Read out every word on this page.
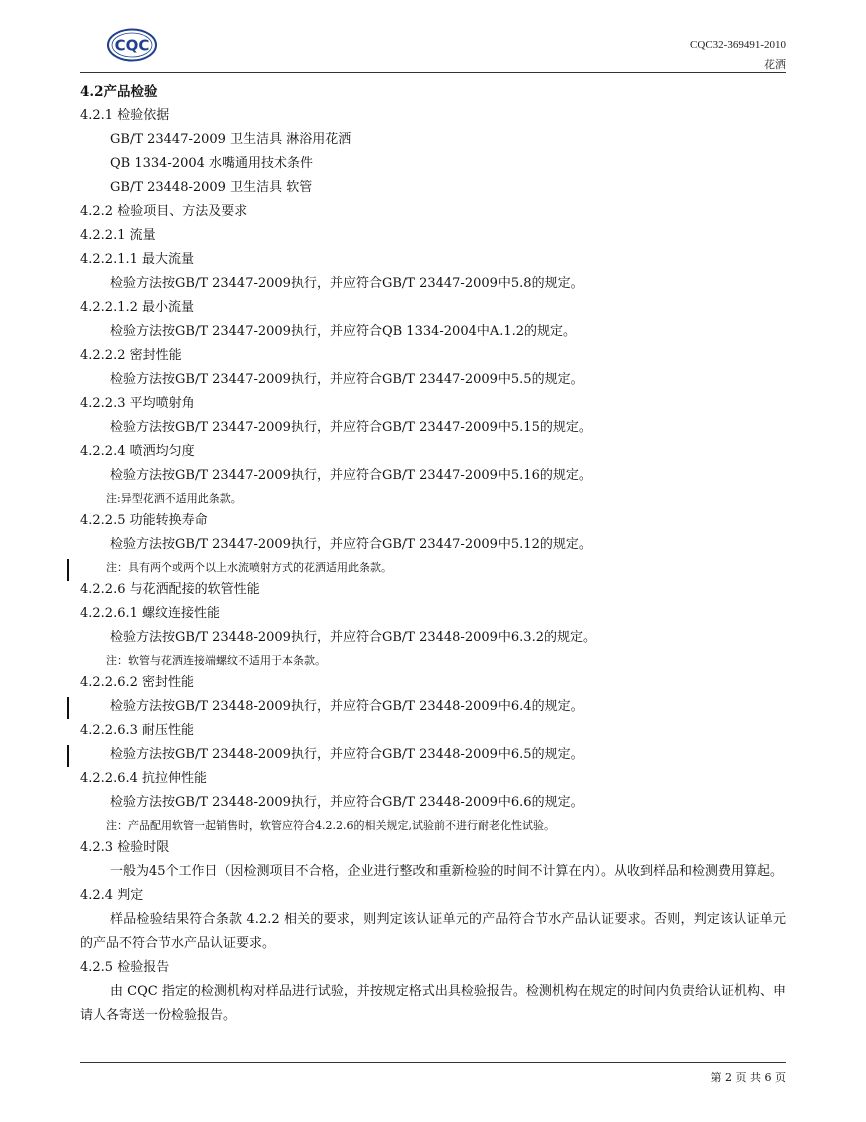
CQC	CQC32-369491-2010
花洒
4.2产品检验
4.2.1 检验依据
GB/T 23447-2009 卫生洁具 淋浴用花洒
QB 1334-2004 水嘴通用技术条件
GB/T 23448-2009 卫生洁具 软管
4.2.2 检验项目、方法及要求
4.2.2.1 流量
4.2.2.1.1 最大流量
检验方法按GB/T 23447-2009执行，并应符合GB/T 23447-2009中5.8的规定。
4.2.2.1.2 最小流量
检验方法按GB/T 23447-2009执行，并应符合QB 1334-2004中A.1.2的规定。
4.2.2.2 密封性能
检验方法按GB/T 23447-2009执行，并应符合GB/T 23447-2009中5.5的规定。
4.2.2.3 平均喷射角
检验方法按GB/T 23447-2009执行，并应符合GB/T 23447-2009中5.15的规定。
4.2.2.4 喷洒均匀度
检验方法按GB/T 23447-2009执行，并应符合GB/T 23447-2009中5.16的规定。
注:异型花洒不适用此条款。
4.2.2.5 功能转换寿命
检验方法按GB/T 23447-2009执行，并应符合GB/T 23447-2009中5.12的规定。
注：具有两个或两个以上水流喷射方式的花洒适用此条款。
4.2.2.6 与花洒配接的软管性能
4.2.2.6.1 螺纹连接性能
检验方法按GB/T 23448-2009执行，并应符合GB/T 23448-2009中6.3.2的规定。
注：软管与花洒连接端螺纹不适用于本条款。
4.2.2.6.2 密封性能
检验方法按GB/T 23448-2009执行，并应符合GB/T 23448-2009中6.4的规定。
4.2.2.6.3 耐压性能
检验方法按GB/T 23448-2009执行，并应符合GB/T 23448-2009中6.5的规定。
4.2.2.6.4 抗拉伸性能
检验方法按GB/T 23448-2009执行，并应符合GB/T 23448-2009中6.6的规定。
注：产品配用软管一起销售时，软管应符合4.2.2.6的相关规定,试验前不进行耐老化性试验。
4.2.3 检验时限
一般为45个工作日（因检测项目不合格，企业进行整改和重新检验的时间不计算在内）。从收到样品和检测费用算起。
4.2.4 判定
样品检验结果符合条款 4.2.2 相关的要求，则判定该认证单元的产品符合节水产品认证要求。否则，判定该认证单元的产品不符合节水产品认证要求。
4.2.5 检验报告
由 CQC 指定的检测机构对样品进行试验，并按规定格式出具检验报告。检测机构在规定的时间内负责给认证机构、申请人各寄送一份检验报告。
第 2 页 共 6 页
